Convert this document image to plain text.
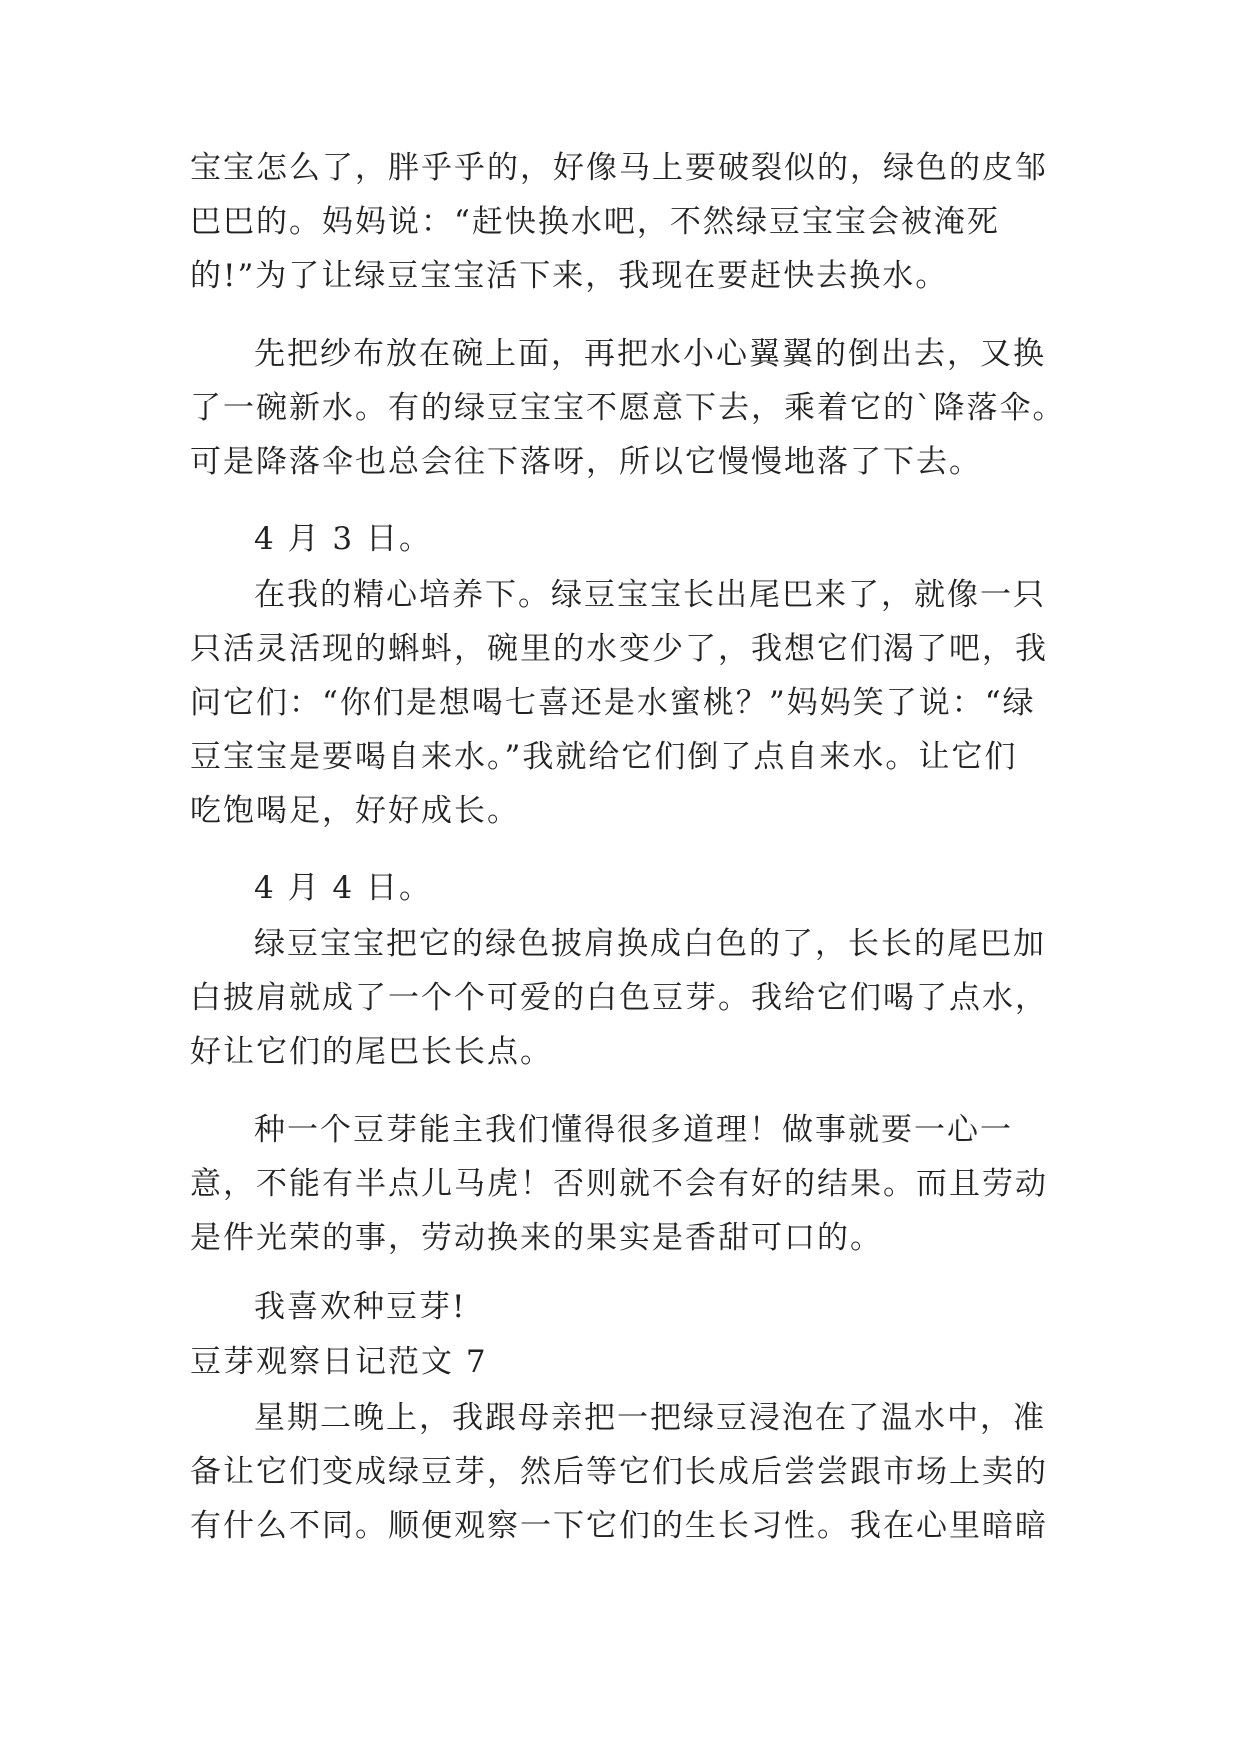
宝宝怎么了，胖乎乎的，好像马上要破裂似的，绿色的皮邹
巴巴的。妈妈说：“赶快换水吧，不然绿豆宝宝会被淹死
的!”为了让绿豆宝宝活下来，我现在要赶快去换水。
先把纱布放在碗上面，再把水小心翼翼的倒出去，又换
了一碗新水。有的绿豆宝宝不愿意下去，乘着它的`降落伞。
可是降落伞也总会往下落呀，所以它慢慢地落了下去。
4 月 3 日。
在我的精心培养下。绿豆宝宝长出尾巴来了，就像一只
只活灵活现的蝌蚪，碗里的水变少了，我想它们渴了吧，我
问它们：“你们是想喝七喜还是水蜜桃？”妈妈笑了说：“绿
豆宝宝是要喝自来水。”我就给它们倒了点自来水。让它们
吃饱喝足，好好成长。
4 月 4 日。
绿豆宝宝把它的绿色披肩换成白色的了，长长的尾巴加
白披肩就成了一个个可爱的白色豆芽。我给它们喝了点水，
好让它们的尾巴长长点。
种一个豆芽能主我们懂得很多道理！做事就要一心一
意，不能有半点儿马虎！否则就不会有好的结果。而且劳动
是件光荣的事，劳动换来的果实是香甜可口的。
我喜欢种豆芽!
豆芽观察日记范文 7
星期二晚上，我跟母亲把一把绿豆浸泡在了温水中，准
备让它们变成绿豆芽，然后等它们长成后尝尝跟市场上卖的
有什么不同。顺便观察一下它们的生长习性。我在心里暗暗
